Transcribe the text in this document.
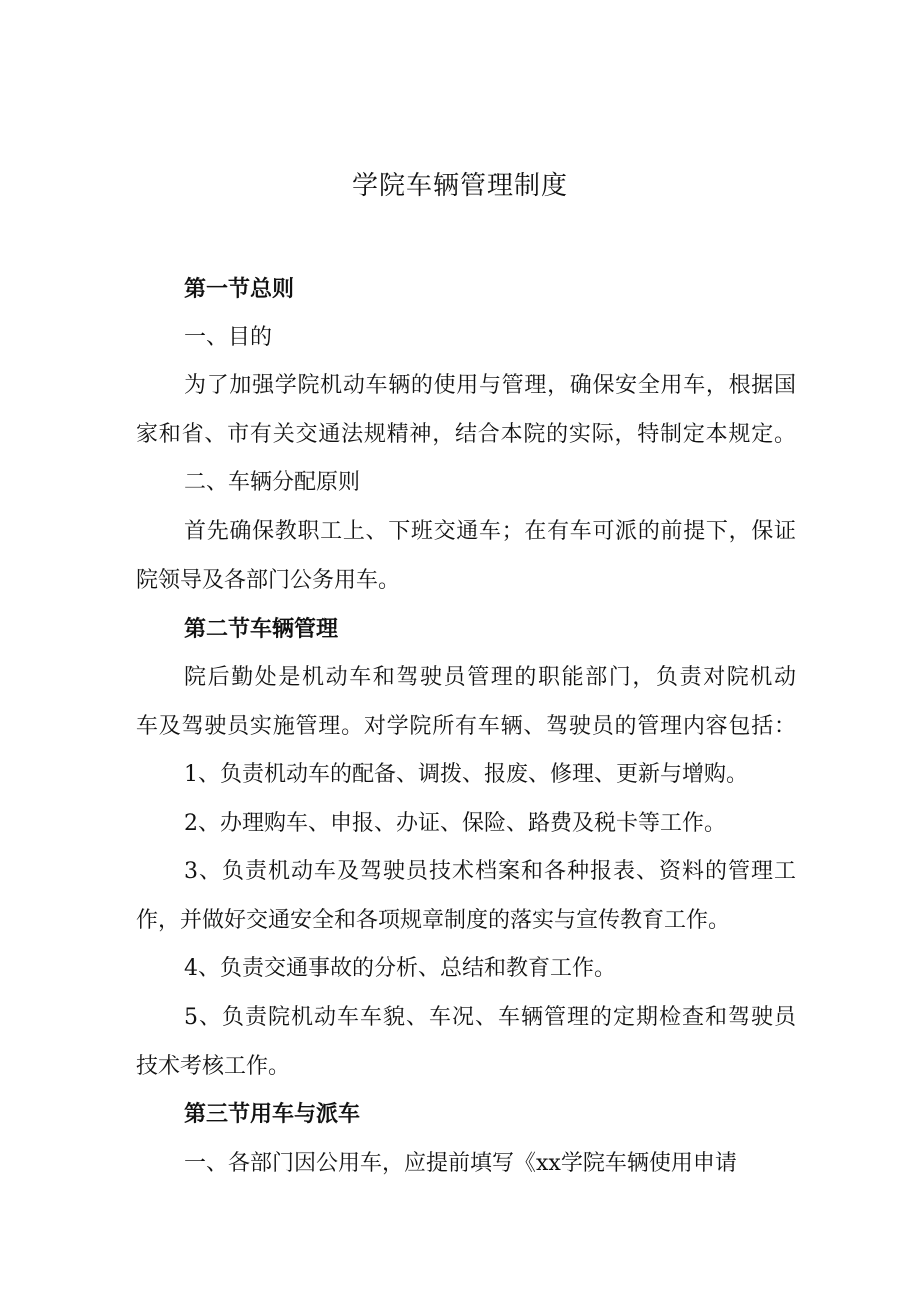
学院车辆管理制度
第一节总则
一、目的
为了加强学院机动车辆的使用与管理，确保安全用车，根据国
家和省、市有关交通法规精神，结合本院的实际，特制定本规定。
二、车辆分配原则
首先确保教职工上、下班交通车；在有车可派的前提下，保证
院领导及各部门公务用车。
第二节车辆管理
院后勤处是机动车和驾驶员管理的职能部门，负责对院机动
车及驾驶员实施管理。对学院所有车辆、驾驶员的管理内容包括：
1、负责机动车的配备、调拨、报废、修理、更新与增购。
2、办理购车、申报、办证、保险、路费及税卡等工作。
3、负责机动车及驾驶员技术档案和各种报表、资料的管理工
作，并做好交通安全和各项规章制度的落实与宣传教育工作。
4、负责交通事故的分析、总结和教育工作。
5、负责院机动车车貌、车况、车辆管理的定期检查和驾驶员
技术考核工作。
第三节用车与派车
一、各部门因公用车，应提前填写《xx学院车辆使用申请
